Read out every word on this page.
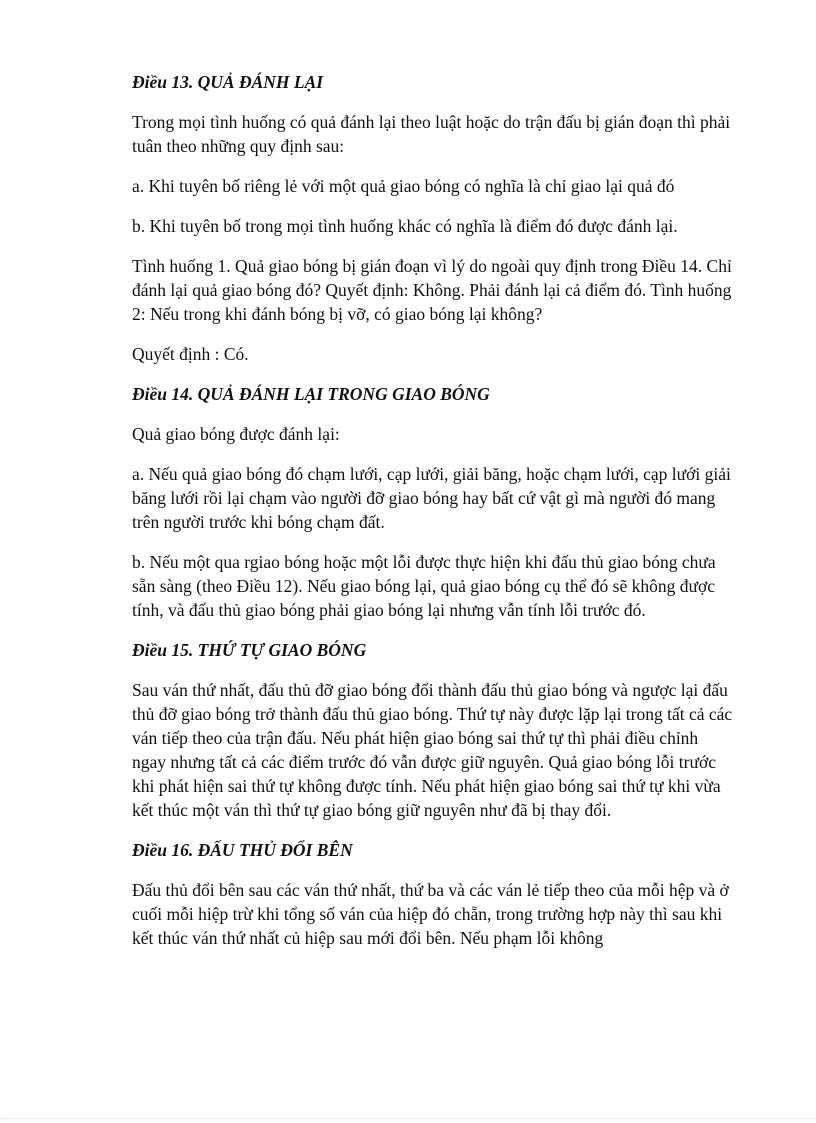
Điều 13. QUẢ ĐÁNH LẠI

Trong mọi tình huống có quả đánh lại theo luật hoặc do trận đấu bị gián đoạn thì phải tuân theo những quy định sau:

a. Khi tuyên bố riêng lẻ với một quả giao bóng có nghĩa là chỉ giao lại quả đó

b. Khi tuyên bố trong mọi tình huống khác có nghĩa là điểm đó được đánh lại.

Tình huống 1. Quả giao bóng bị gián đoạn vì lý do ngoài quy định trong Điều 14. Chỉ đánh lại quả giao bóng đó? Quyết định: Không. Phải đánh lại cả điểm đó. Tình huống 2: Nếu trong khi đánh bóng bị vỡ, có giao bóng lại không?

Quyết định : Có.

Điều 14. QUẢ ĐÁNH LẠI TRONG GIAO BÓNG

Quả giao bóng được đánh lại:

a. Nếu quả giao bóng đó chạm lưới, cạp lưới, giải băng, hoặc chạm lưới, cạp lưới giải băng lưới rồi lại chạm vào người đỡ giao bóng hay bất cứ vật gì mà người đó mang trên người trước khi bóng chạm đất.

b. Nếu một qua rgiao bóng hoặc một lỗi được thực hiện khi đấu thủ giao bóng chưa sẵn sàng (theo Điều 12). Nếu giao bóng lại, quả giao bóng cụ thể đó sẽ không được tính, và đấu thủ giao bóng phải giao bóng lại nhưng vẫn tính lỗi trước đó.

Điều 15. THỨ TỰ GIAO BÓNG

Sau ván thứ nhất, đấu thủ đỡ giao bóng đổi thành đấu thủ giao bóng và ngược lại đấu thủ đỡ giao bóng trở thành đấu thủ giao bóng. Thứ tự này được lặp lại trong tất cả các ván tiếp theo của trận đấu. Nếu phát hiện giao bóng sai thứ tự thì phải điều chỉnh ngay nhưng tất cả các điểm trước đó vẫn được giữ nguyên. Quả giao bóng lỗi trước khi phát hiện sai thứ tự không được tính. Nếu phát hiện giao bóng sai thứ tự khi vừa kết thúc một ván thì thứ tự giao bóng giữ nguyên như đã bị thay đổi.

Điều 16. ĐẤU THỦ ĐỔI BÊN

Đấu thủ đổi bên sau các ván thứ nhất, thứ ba và các ván lẻ tiếp theo của mỗi hệp và ở cuối mỗi hiệp trừ khi tổng số ván của hiệp đó chẵn, trong trường hợp này thì sau khi kết thúc ván thứ nhất củ hiệp sau mới đổi bên. Nếu phạm lỗi không
